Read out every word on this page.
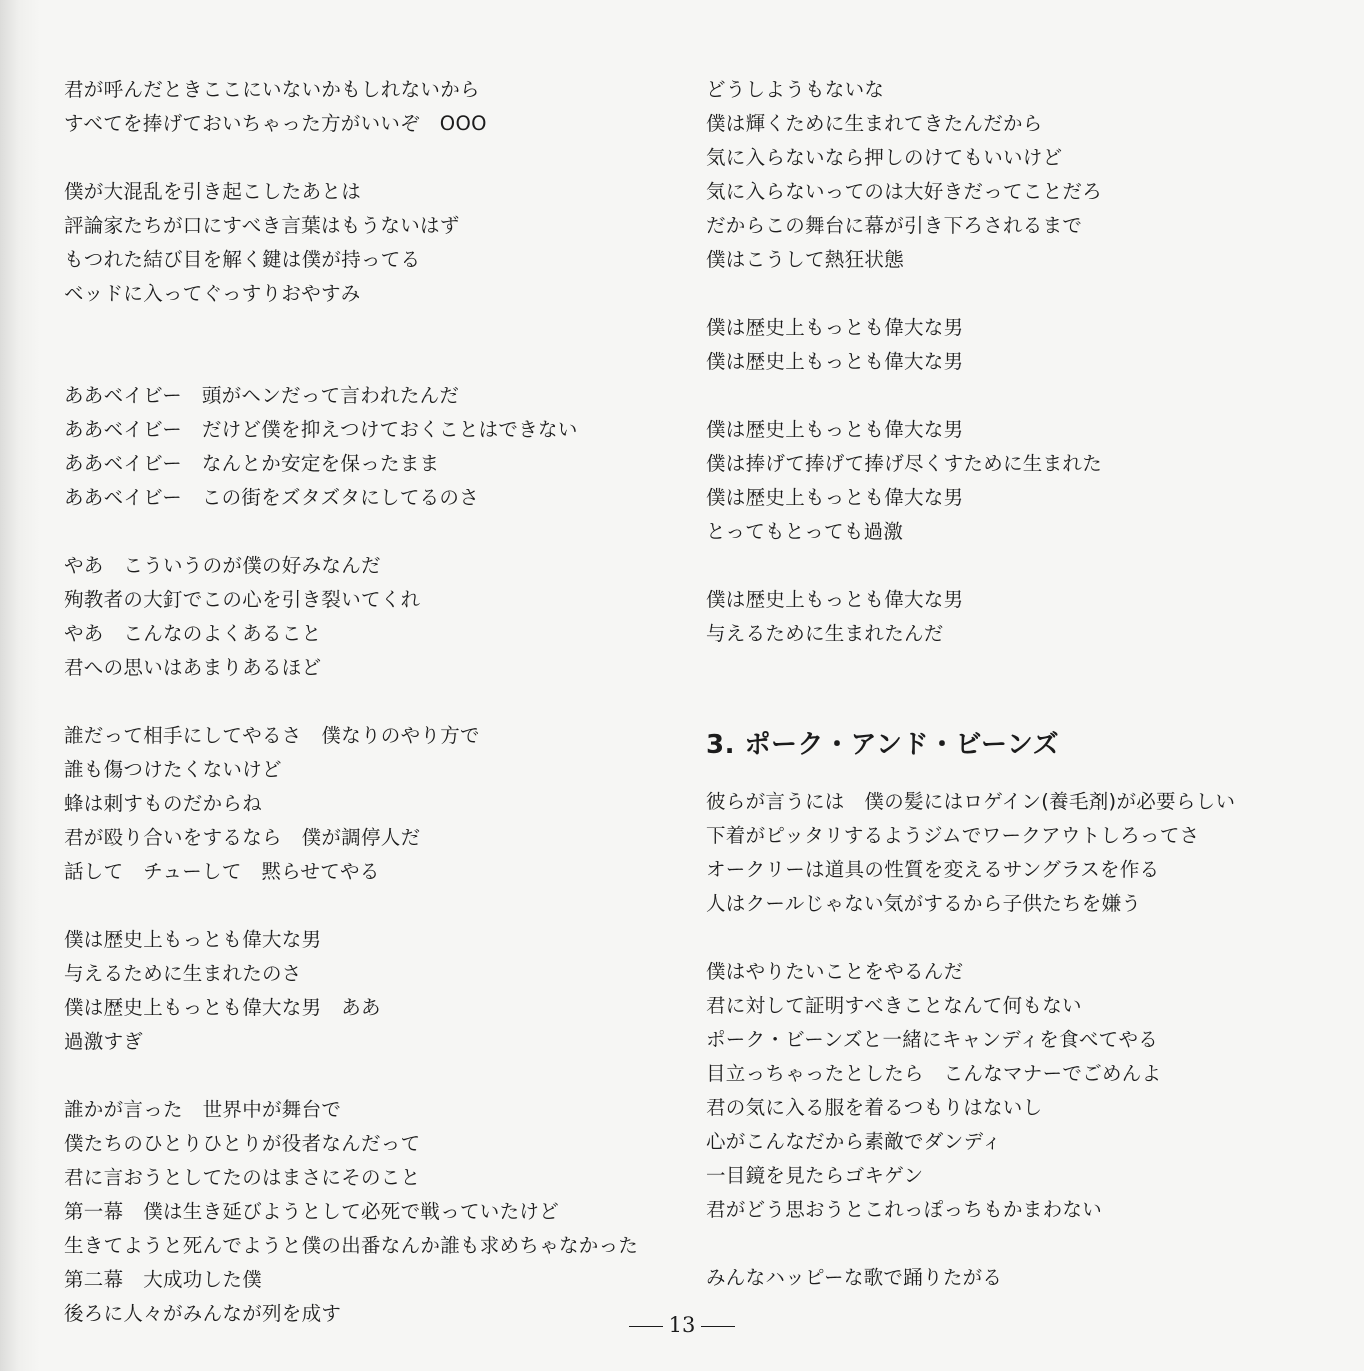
君が呼んだときここにいないかもしれないから
すべてを捧げておいちゃった方がいいぞ　OOO
僕が大混乱を引き起こしたあとは
評論家たちが口にすべき言葉はもうないはず
もつれた結び目を解く鍵は僕が持ってる
ベッドに入ってぐっすりおやすみ
ああベイビー　頭がヘンだって言われたんだ
ああベイビー　だけど僕を抑えつけておくことはできない
ああベイビー　なんとか安定を保ったまま
ああベイビー　この街をズタズタにしてるのさ
やあ　こういうのが僕の好みなんだ
殉教者の大釘でこの心を引き裂いてくれ
やあ　こんなのよくあること
君への思いはあまりあるほど
誰だって相手にしてやるさ　僕なりのやり方で
誰も傷つけたくないけど
蜂は刺すものだからね
君が殴り合いをするなら　僕が調停人だ
話して　チューして　黙らせてやる
僕は歴史上もっとも偉大な男
与えるために生まれたのさ
僕は歴史上もっとも偉大な男　ああ
過激すぎ
誰かが言った　世界中が舞台で
僕たちのひとりひとりが役者なんだって
君に言おうとしてたのはまさにそのこと
第一幕　僕は生き延びようとして必死で戦っていたけど
生きてようと死んでようと僕の出番なんか誰も求めちゃなかった
第二幕　大成功した僕
後ろに人々がみんなが列を成す
どうしようもないな
僕は輝くために生まれてきたんだから
気に入らないなら押しのけてもいいけど
気に入らないってのは大好きだってことだろ
だからこの舞台に幕が引き下ろされるまで
僕はこうして熱狂状態
僕は歴史上もっとも偉大な男
僕は歴史上もっとも偉大な男
僕は歴史上もっとも偉大な男
僕は捧げて捧げて捧げ尽くすために生まれた
僕は歴史上もっとも偉大な男
とってもとっても過激
僕は歴史上もっとも偉大な男
与えるために生まれたんだ
3. ポーク・アンド・ビーンズ
彼らが言うには　僕の髪にはロゲイン(養毛剤)が必要らしい
下着がピッタリするようジムでワークアウトしろってさ
オークリーは道具の性質を変えるサングラスを作る
人はクールじゃない気がするから子供たちを嫌う
僕はやりたいことをやるんだ
君に対して証明すべきことなんて何もない
ポーク・ビーンズと一緒にキャンディを食べてやる
目立っちゃったとしたら　こんなマナーでごめんよ
君の気に入る服を着るつもりはないし
心がこんなだから素敵でダンディ
一目鏡を見たらゴキゲン
君がどう思おうとこれっぽっちもかまわない
みんなハッピーな歌で踊りたがる
13
